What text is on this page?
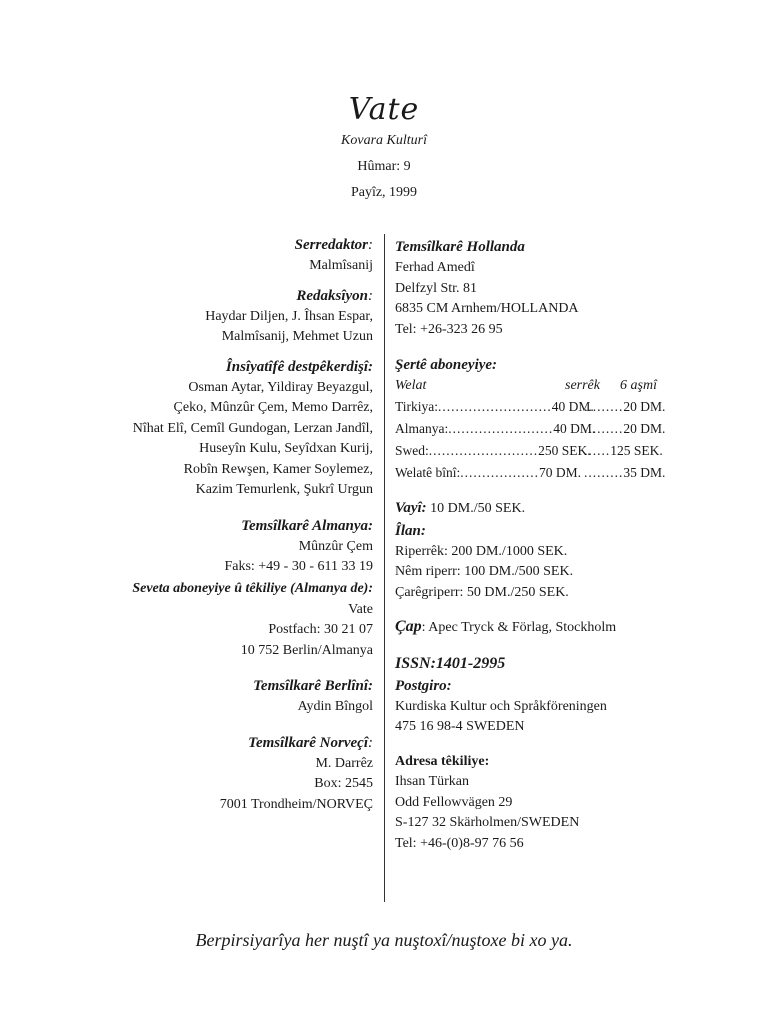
Vate
Kovara Kulturî
Hûmar: 9
Payîz, 1999
Serredaktor:
Malmîsanij
Redaksîyon:
Haydar Diljen, J. Îhsan Espar,
Malmîsanij, Mehmet Uzun
Însîyatîfê destpêkerdişî:
Osman Aytar, Yildiray Beyazgul,
Çeko, Mûnzûr Çem, Memo Darrêz,
Nîhat Elî, Cemîl Gundogan, Lerzan Jandîl,
Huseyîn Kulu, Seyîdxan Kurij,
Robîn Rewşen, Kamer Soylemez,
Kazim Temurlenk, Şukrî Urgun
Temsîlkarê Almanya:
Mûnzûr Çem
Faks: +49 - 30 - 611 33 19
Seveta aboneyiye û têkiliye (Almanya de):
Vate
Postfach: 30 21 07
10 752 Berlin/Almanya
Temsîlkarê Berlînî:
Aydin Bîngol
Temsîlkarê Norveçî:
M. Darrêz
Box: 2545
7001 Trondheim/NORVEÇ
Temsîlkarê Hollanda
Ferhad Amedî
Delfzyl Str. 81
6835 CM Arnhem/HOLLANDA
Tel: +26-323 26 95
Şertê aboneyiye:
Welat	serrêk	6 aşmî
Tirkiya: .......................... 40 DM.
......... 20 DM.
Almanya: ........................ 40 DM.
......... 20 DM.
Swed: ......................... 250 SEK.
...... 125 SEK.
Welatê bînî: .................. 70 DM. ......... 35 DM.
Vayî: 10 DM./50 SEK.
Îlan:
Riperrêk: 200 DM./1000 SEK.
Nêm riperr: 100 DM./500 SEK.
Çarêgriperr: 50 DM./250 SEK.
Çap: Apec Tryck & Förlag, Stockholm
ISSN:1401-2995
Postgiro:
Kurdiska Kultur och Språkföreningen
475 16 98-4 SWEDEN
Adresa têkiliye:
Ihsan Türkan
Odd Fellowvägen 29
S-127 32 Skärholmen/SWEDEN
Tel: +46-(0)8-97 76 56
Berpirsiyarîya her nuştî ya nuştoxî/nuştoxe bi xo ya.
